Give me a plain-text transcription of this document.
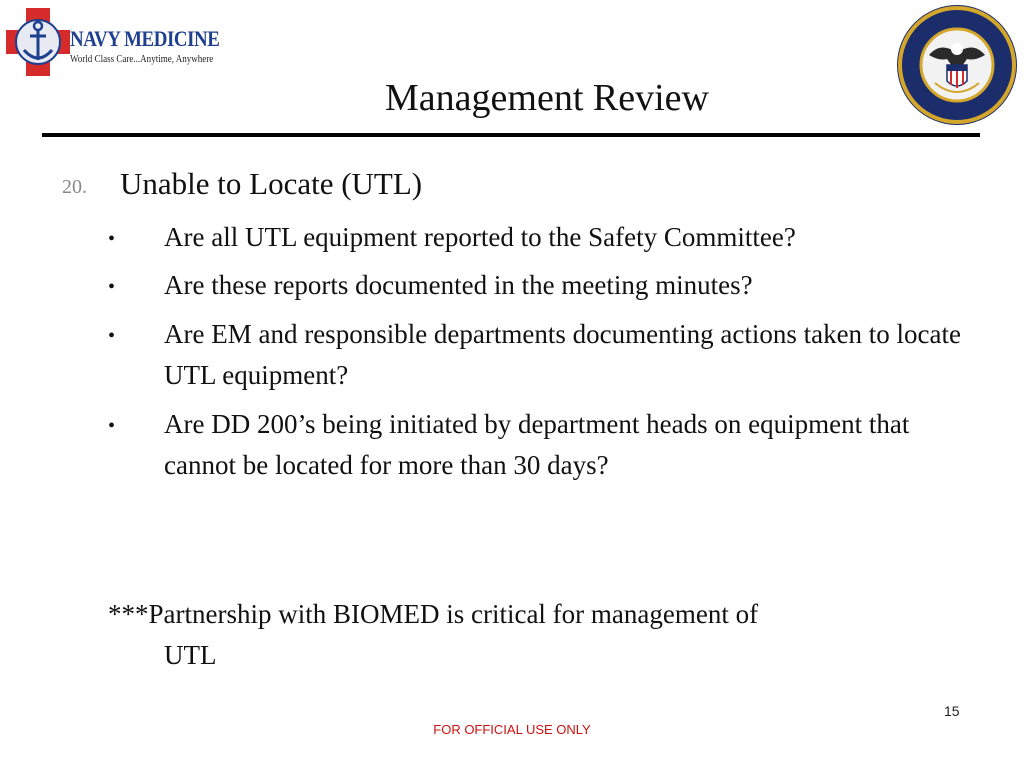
NAVY MEDICINE
World Class Care...Anytime, Anywhere
Management Review
20. Unable to Locate (UTL)
• Are all UTL equipment reported to the Safety Committee?
• Are these reports documented in the meeting minutes?
• Are EM and responsible departments documenting actions taken to locate UTL equipment?
• Are DD 200’s being initiated by department heads on equipment that cannot be located for more than 30 days?
***Partnership with BIOMED is critical for management of
UTL
15
FOR OFFICIAL USE ONLY
